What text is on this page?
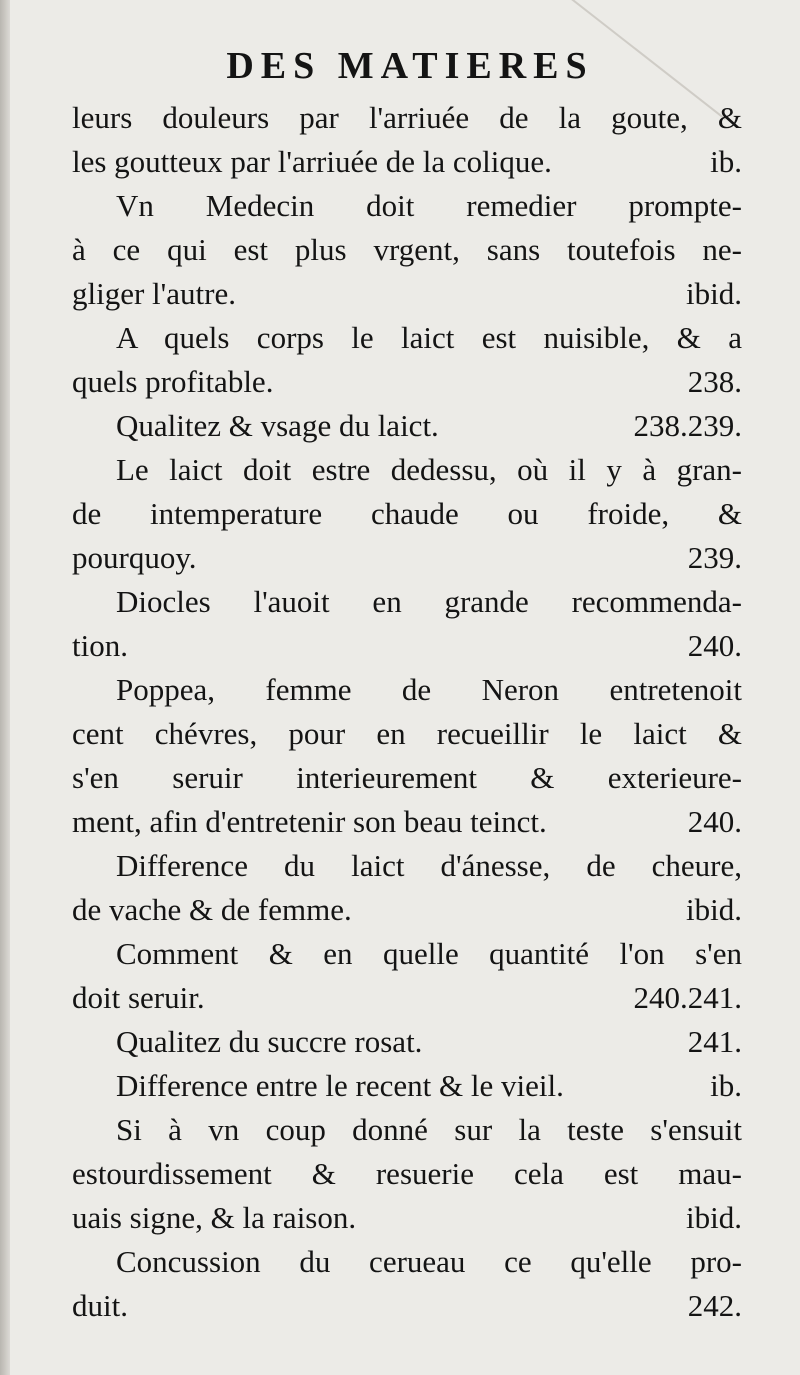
DES MATIERES
leurs douleurs par l'arriuée de la goute, &
les goutteux par l'arriuée de la colique.	ib.
Vn Medecin doit remedier prompte-
à ce qui est plus vrgent, sans toutefois ne-
gliger l'autre.	ibid.
A quels corps le laict est nuisible, & a
quels profitable.	238.
Qualitez & vsage du laict.	238.239.
Le laict doit estre dedessu, où il y à gran-
de intemperature chaude ou froide, &
pourquoy.	239.
Diocles l'auoit en grande recommenda-
tion.	240.
Poppea, femme de Neron entretenoit
cent chévres, pour en recueillir le laict &
s'en seruir interieurement & exterieure-
ment, afin d'entretenir son beau teinct.	240.
Difference du laict d'ánesse, de cheure,
de vache & de femme.	ibid.
Comment & en quelle quantité l'on s'en
doit seruir.	240.241.
Qualitez du succre rosat.	241.
Difference entre le recent & le vieil.	ib.
Si à vn coup donné sur la teste s'ensuit
estourdissement & resuerie cela est mau-
uais signe, & la raison.	ibid.
Concussion du cerueau ce qu'elle pro-
duit.	242.
